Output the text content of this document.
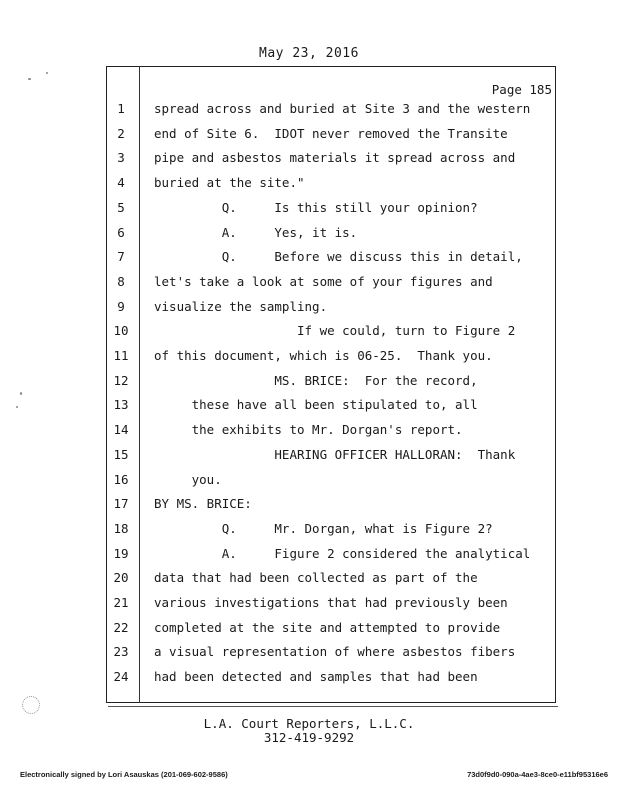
May 23, 2016
Page 185
1	spread across and buried at Site 3 and the western
2	end of Site 6.  IDOT never removed the Transite
3	pipe and asbestos materials it spread across and
4	buried at the site."
5	Q.     Is this still your opinion?
6	A.     Yes, it is.
7	Q.     Before we discuss this in detail,
8	let's take a look at some of your figures and
9	visualize the sampling.
10	If we could, turn to Figure 2
11	of this document, which is 06-25.  Thank you.
12	MS. BRICE:  For the record,
13	these have all been stipulated to, all
14	the exhibits to Mr. Dorgan's report.
15	HEARING OFFICER HALLORAN:  Thank
16	you.
17	BY MS. BRICE:
18	Q.     Mr. Dorgan, what is Figure 2?
19	A.     Figure 2 considered the analytical
20	data that had been collected as part of the
21	various investigations that had previously been
22	completed at the site and attempted to provide
23	a visual representation of where asbestos fibers
24	had been detected and samples that had been
L.A. Court Reporters, L.L.C.
312-419-9292
Electronically signed by Lori Asauskas (201-069-602-9586)	73d0f9d0-090a-4ae3-8ce0-e11bf95316e6
